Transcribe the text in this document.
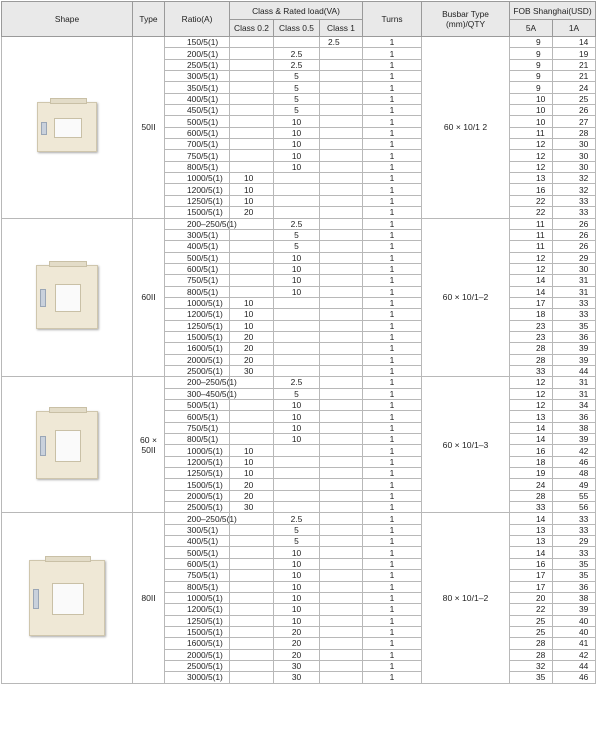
Shape	Type	Ratio(A)	Class & Rated load(VA)			Turns	Busbar Type (mm)/QTY	FOB Shanghai(USD)	
			Class 0.2	Class 0.5	Class 1			5A	1A

	50II	150/5(1)			2.5	1	60 × 10/1 2	9	14
		200/5(1)		2.5		1		9	19
		250/5(1)		2.5		1		9	21
		300/5(1)		5		1		9	21
		350/5(1)		5		1		9	24
		400/5(1)		5		1		10	25
		450/5(1)		5		1		10	26
		500/5(1)		10		1		10	27
		600/5(1)		10		1		11	28
		700/5(1)		10		1		12	30
		750/5(1)		10		1		12	30
		800/5(1)		10		1		12	30
		1000/5(1)	10			1		13	32
		1200/5(1)	10			1		16	32
		1250/5(1)	10			1		22	33
		1500/5(1)	20			1		22	33

	60II	200–250/5(1)		2.5		1	60 × 10/1–2	11	26
		300/5(1)		5		1		11	26
		400/5(1)		5		1		11	26
		500/5(1)		10		1		12	29
		600/5(1)		10		1		12	30
		750/5(1)		10		1		14	31
		800/5(1)		10		1		14	31
		1000/5(1)	10			1		17	33
		1200/5(1)	10			1		18	33
		1250/5(1)	10			1		23	35
		1500/5(1)	20			1		23	36
		1600/5(1)	20			1		28	39
		2000/5(1)	20			1		28	39
		2500/5(1)	30			1		33	44

	60 × 50II	200–250/5(1)		2.5		1	60 × 10/1–3	12	31
		300–450/5(1)		5		1		12	31
		500/5(1)		10		1		12	34
		600/5(1)		10		1		13	36
		750/5(1)		10		1		14	38
		800/5(1)		10		1		14	39
		1000/5(1)	10			1		16	42
		1200/5(1)	10			1		18	46
		1250/5(1)	10			1		19	48
		1500/5(1)	20			1		24	49
		2000/5(1)	20			1		28	55
		2500/5(1)	30			1		33	56

	80II	200–250/5(1)		2.5		1	80 × 10/1–2	14	33
		300/5(1)		5		1		13	33
		400/5(1)		5		1		13	29
		500/5(1)		10		1		14	33
		600/5(1)		10		1		16	35
		750/5(1)		10		1		17	35
		800/5(1)		10		1		17	36
		1000/5(1)		10		1		20	38
		1200/5(1)		10		1		22	39
		1250/5(1)		10		1		25	40
		1500/5(1)		20		1		25	40
		1600/5(1)		20		1		28	41
		2000/5(1)		20		1		28	42
		2500/5(1)		30		1		32	44
		3000/5(1)		30		1		35	46
